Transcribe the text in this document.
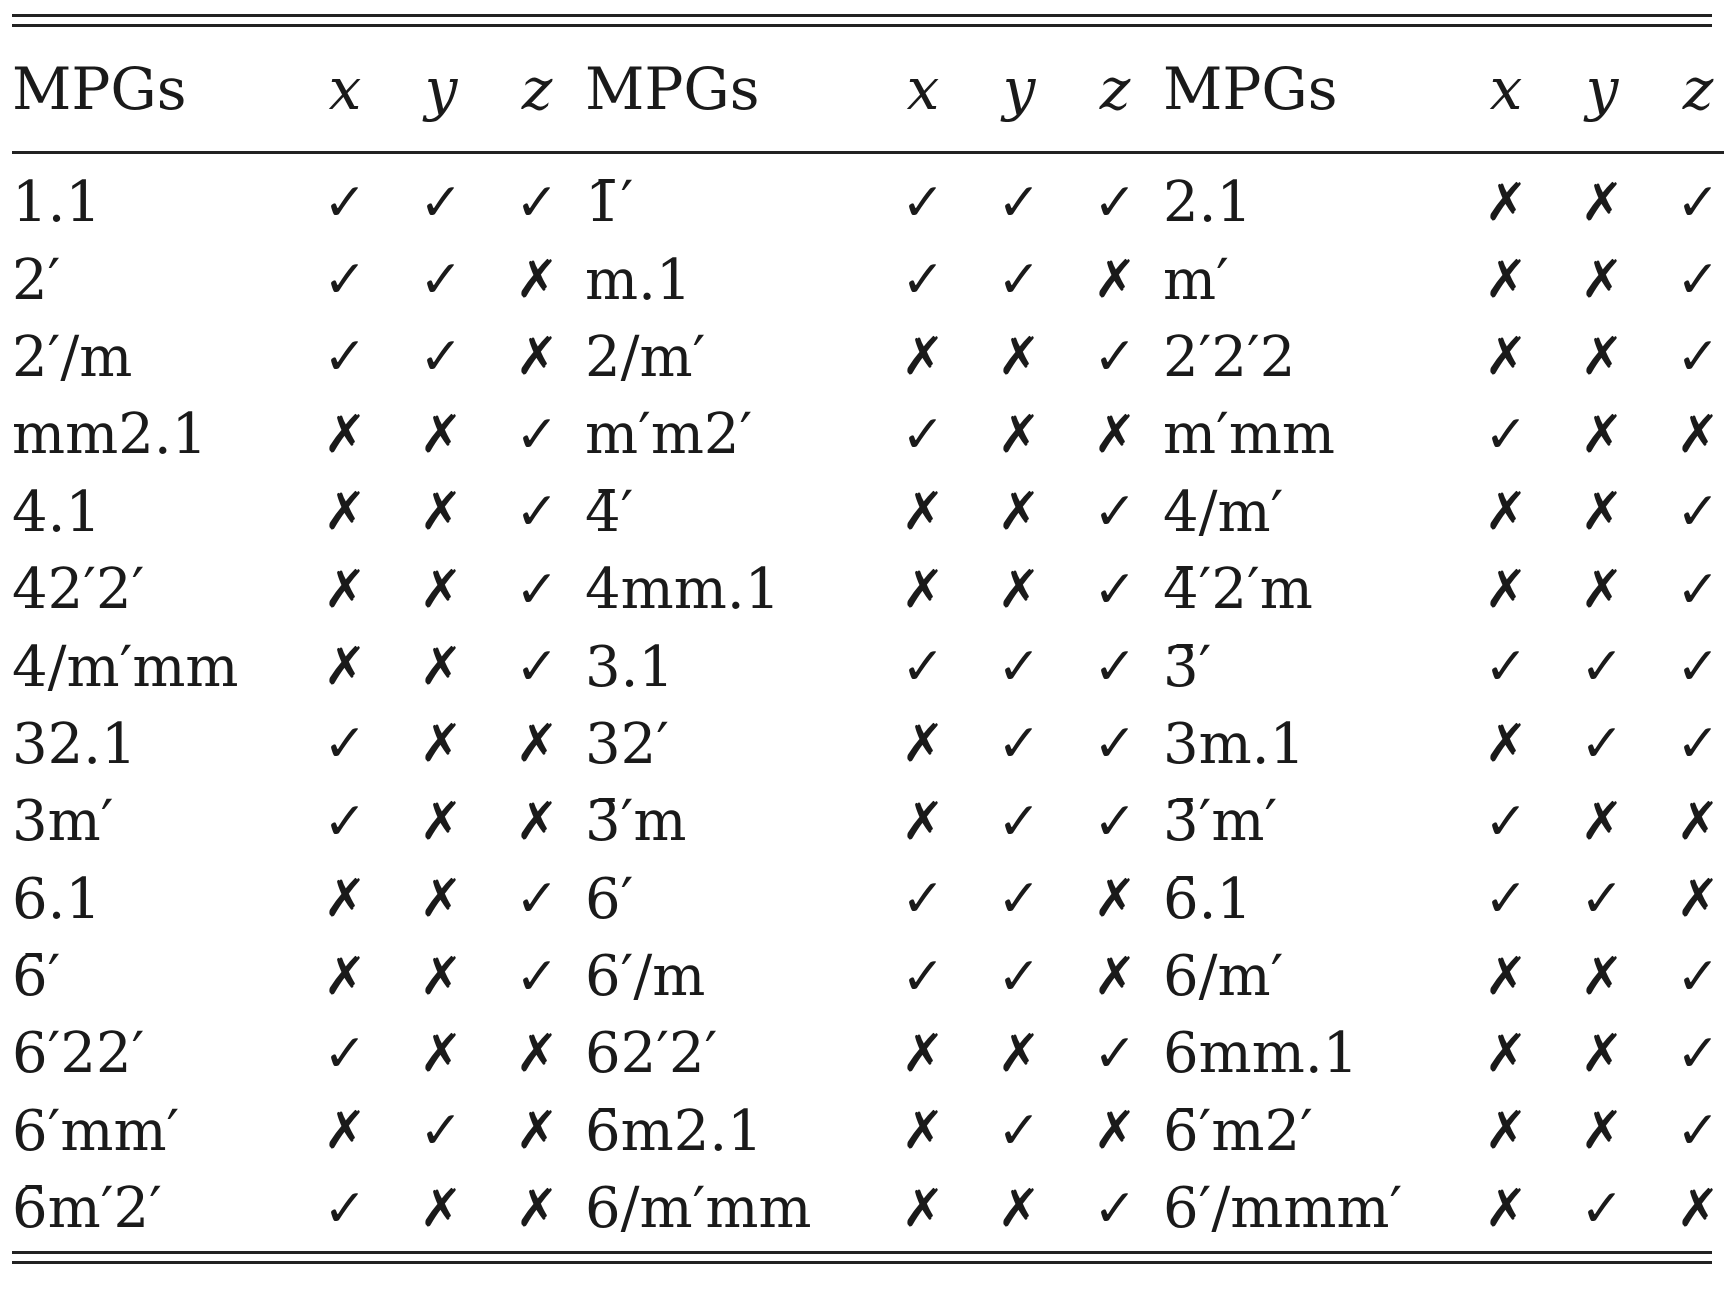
MPGs	x	y	z	MPGs	x	y	z	MPGs	x	y	z

1.1	✓	✓	✓	1̄′	✓	✓	✓	2.1	✗	✗	✓
2′	✓	✓	✗	m.1	✓	✓	✗	m′	✗	✗	✓
2′/m	✓	✓	✗	2/m′	✗	✗	✓	2′2′2	✗	✗	✓
mm2.1	✗	✗	✓	m′m2′	✓	✗	✗	m′mm	✓	✗	✗
4.1	✗	✗	✓	4̄′	✗	✗	✓	4/m′	✗	✗	✓
42′2′	✗	✗	✓	4mm.1	✗	✗	✓	4̄′2′m	✗	✗	✓
4/m′mm	✗	✗	✓	3.1	✓	✓	✓	3̄′	✓	✓	✓
32.1	✓	✗	✗	32′	✗	✓	✓	3m.1	✗	✓	✓
3m′	✓	✗	✗	3̄′m	✗	✓	✓	3̄′m′	✓	✗	✗
6.1	✗	✗	✓	6′	✓	✓	✗	6̄.1	✓	✓	✗
6̄′	✗	✗	✓	6′/m	✓	✓	✗	6/m′	✗	✗	✓
6′22′	✓	✗	✗	62′2′	✗	✗	✓	6mm.1	✗	✗	✓
6′mm′	✗	✓	✗	6̄m2.1	✗	✓	✗	6̄′m2′	✗	✗	✓
6̄m′2′	✓	✗	✗	6/m′mm	✗	✗	✓	6′/mmm′	✗	✓	✗
